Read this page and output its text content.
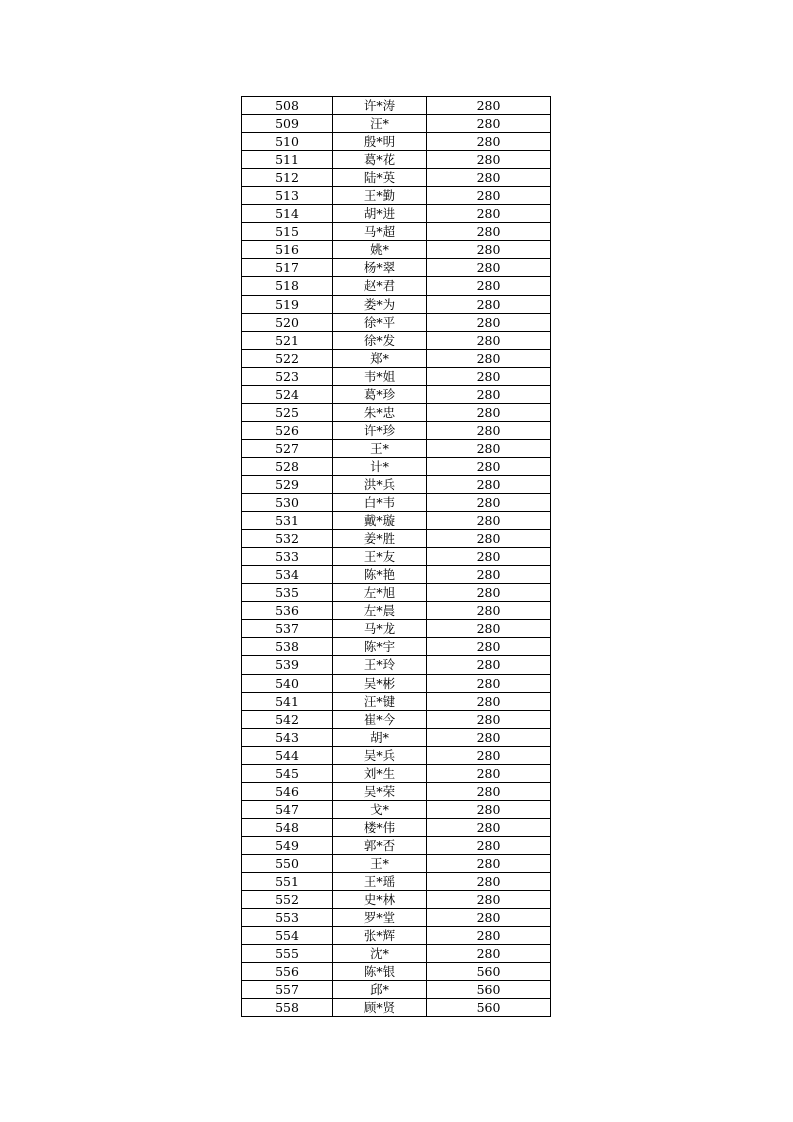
508	许*涛	280
509	汪*	280
510	殷*明	280
511	葛*花	280
512	陆*英	280
513	王*勤	280
514	胡*进	280
515	马*超	280
516	姚*	280
517	杨*翠	280
518	赵*君	280
519	娄*为	280
520	徐*平	280
521	徐*发	280
522	郑*	280
523	韦*姐	280
524	葛*珍	280
525	朱*忠	280
526	许*珍	280
527	王*	280
528	计*	280
529	洪*兵	280
530	白*韦	280
531	戴*璇	280
532	姜*胜	280
533	王*友	280
534	陈*艳	280
535	左*旭	280
536	左*晨	280
537	马*龙	280
538	陈*宇	280
539	王*玲	280
540	吴*彬	280
541	汪*键	280
542	崔*今	280
543	胡*	280
544	吴*兵	280
545	刘*生	280
546	吴*荣	280
547	戈*	280
548	楼*伟	280
549	郭*否	280
550	王*	280
551	王*瑶	280
552	史*林	280
553	罗*堂	280
554	张*辉	280
555	沈*	280
556	陈*银	560
557	邱*	560
558	顾*贤	560
